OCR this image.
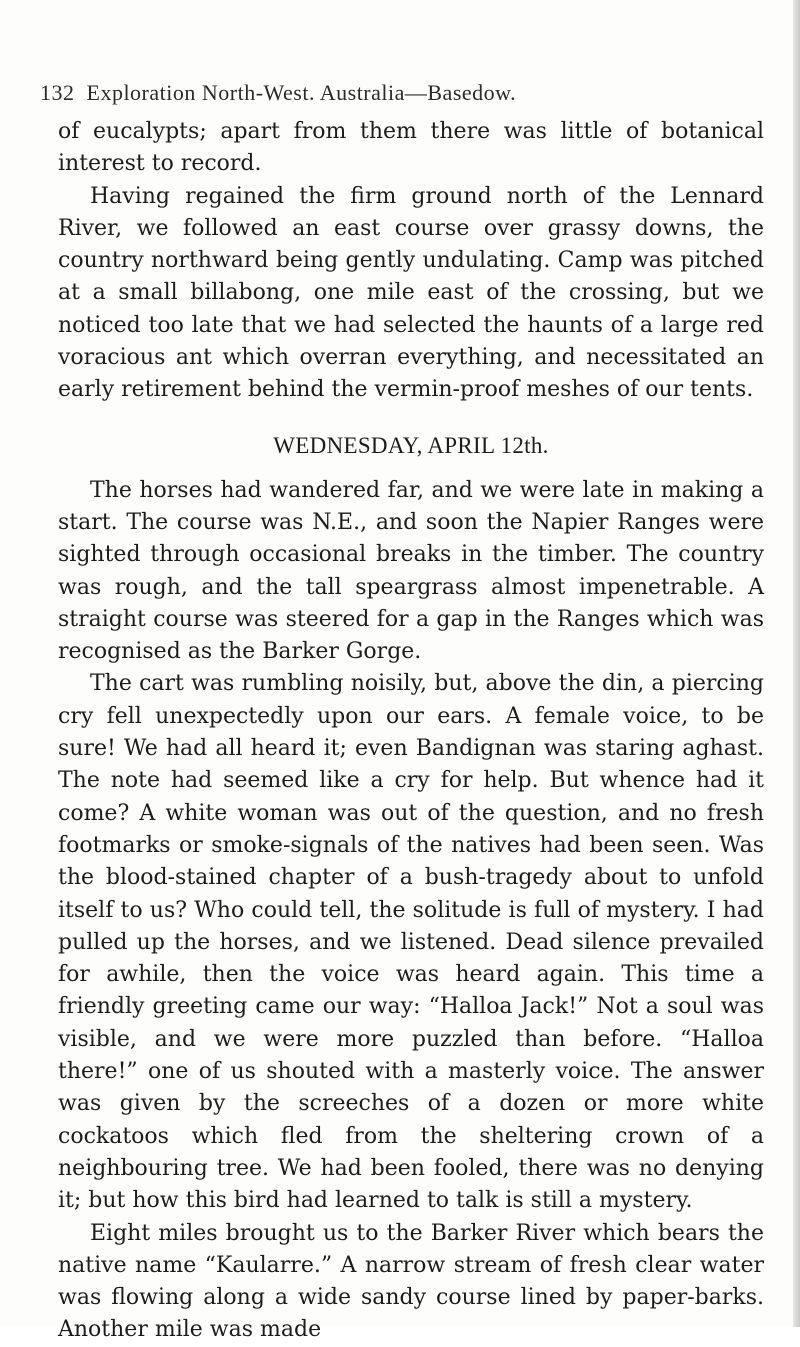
132 Exploration North-West. Australia—Basedow.

of eucalypts; apart from them there was little of botanical interest to record.

Having regained the firm ground north of the Lennard River, we followed an east course over grassy downs, the country northward being gently undulating. Camp was pitched at a small billabong, one mile east of the crossing, but we noticed too late that we had selected the haunts of a large red voracious ant which overran everything, and necessitated an early retirement behind the vermin-proof meshes of our tents.

WEDNESDAY, APRIL 12th.

The horses had wandered far, and we were late in making a start. The course was N.E., and soon the Napier Ranges were sighted through occasional breaks in the timber. The country was rough, and the tall speargrass almost impenetrable. A straight course was steered for a gap in the Ranges which was recognised as the Barker Gorge.

The cart was rumbling noisily, but, above the din, a piercing cry fell unexpectedly upon our ears. A female voice, to be sure! We had all heard it; even Bandignan was staring aghast. The note had seemed like a cry for help. But whence had it come? A white woman was out of the question, and no fresh footmarks or smoke-signals of the natives had been seen. Was the blood-stained chapter of a bush-tragedy about to unfold itself to us? Who could tell, the solitude is full of mystery. I had pulled up the horses, and we listened. Dead silence prevailed for awhile, then the voice was heard again. This time a friendly greeting came our way: “Halloa Jack!” Not a soul was visible, and we were more puzzled than before. “Halloa there!” one of us shouted with a masterly voice. The answer was given by the screeches of a dozen or more white cockatoos which fled from the sheltering crown of a neighbouring tree. We had been fooled, there was no denying it; but how this bird had learned to talk is still a mystery.

Eight miles brought us to the Barker River which bears the native name “Kaularre.” A narrow stream of fresh clear water was flowing along a wide sandy course lined by paper-barks. Another mile was made
